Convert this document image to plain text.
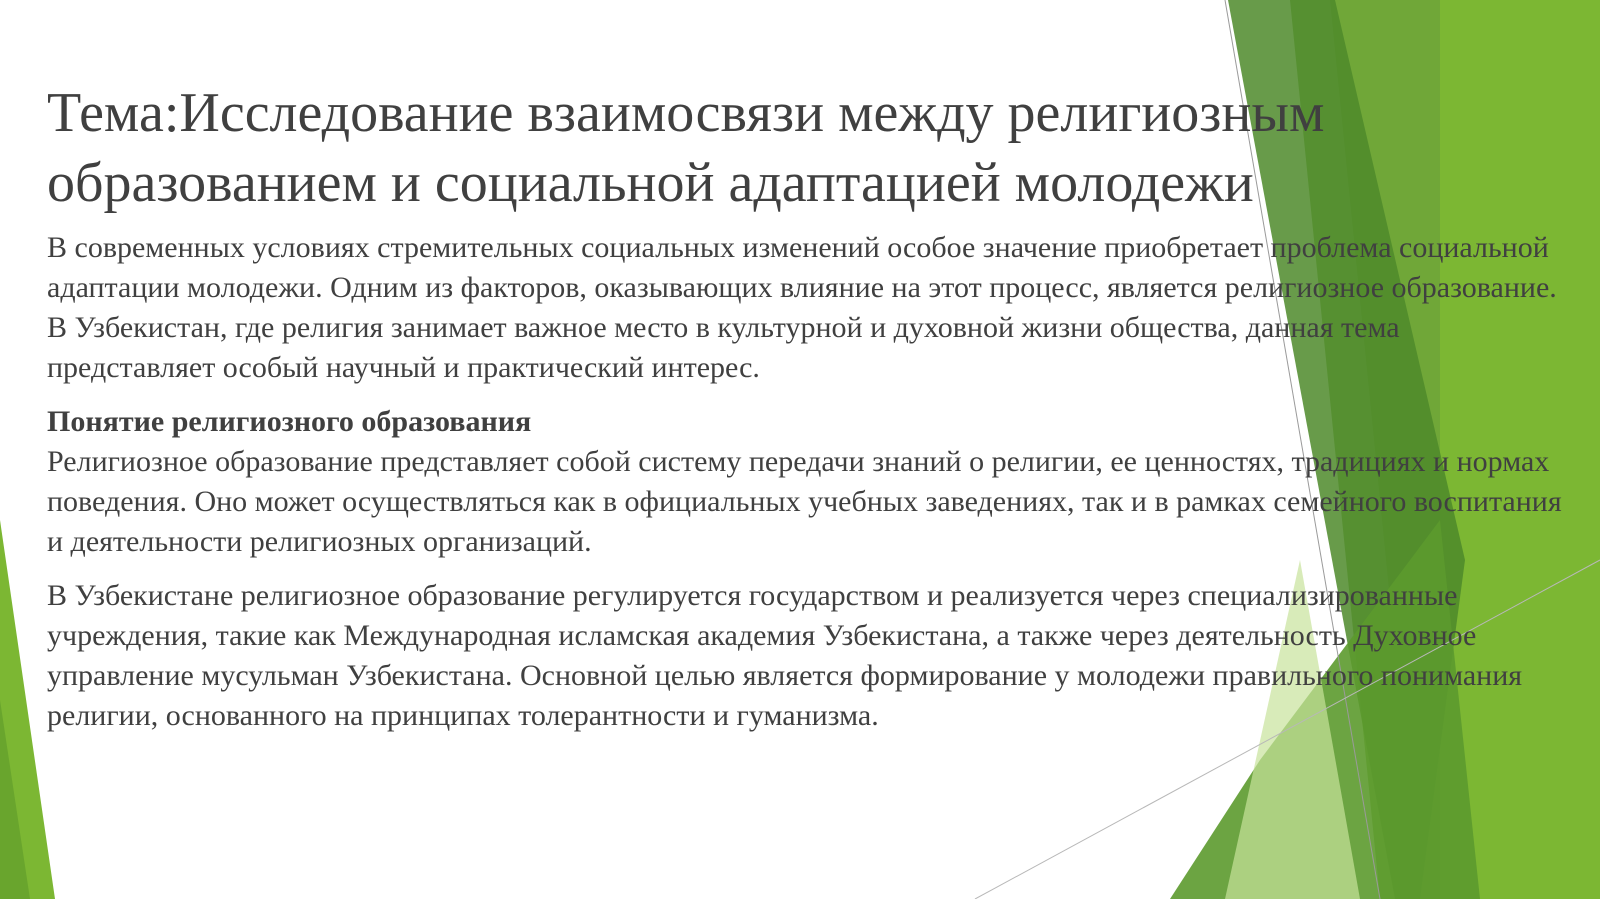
Тема:Исследование взаимосвязи между религиозным образованием и социальной адаптацией молодежи

В современных условиях стремительных социальных изменений особое значение приобретает проблема социальной адаптации молодежи. Одним из факторов, оказывающих влияние на этот процесс, является религиозное образование. В Узбекистан, где религия занимает важное место в культурной и духовной жизни общества, данная тема представляет особый научный и практический интерес.

Понятие религиозного образования
Религиозное образование представляет собой систему передачи знаний о религии, ее ценностях, традициях и нормах поведения. Оно может осуществляться как в официальных учебных заведениях, так и в рамках семейного воспитания и деятельности религиозных организаций.

В Узбекистане религиозное образование регулируется государством и реализуется через специализированные учреждения, такие как Международная исламская академия Узбекистана, а также через деятельность Духовное управление мусульман Узбекистана. Основной целью является формирование у молодежи правильного понимания религии, основанного на принципах толерантности и гуманизма.
